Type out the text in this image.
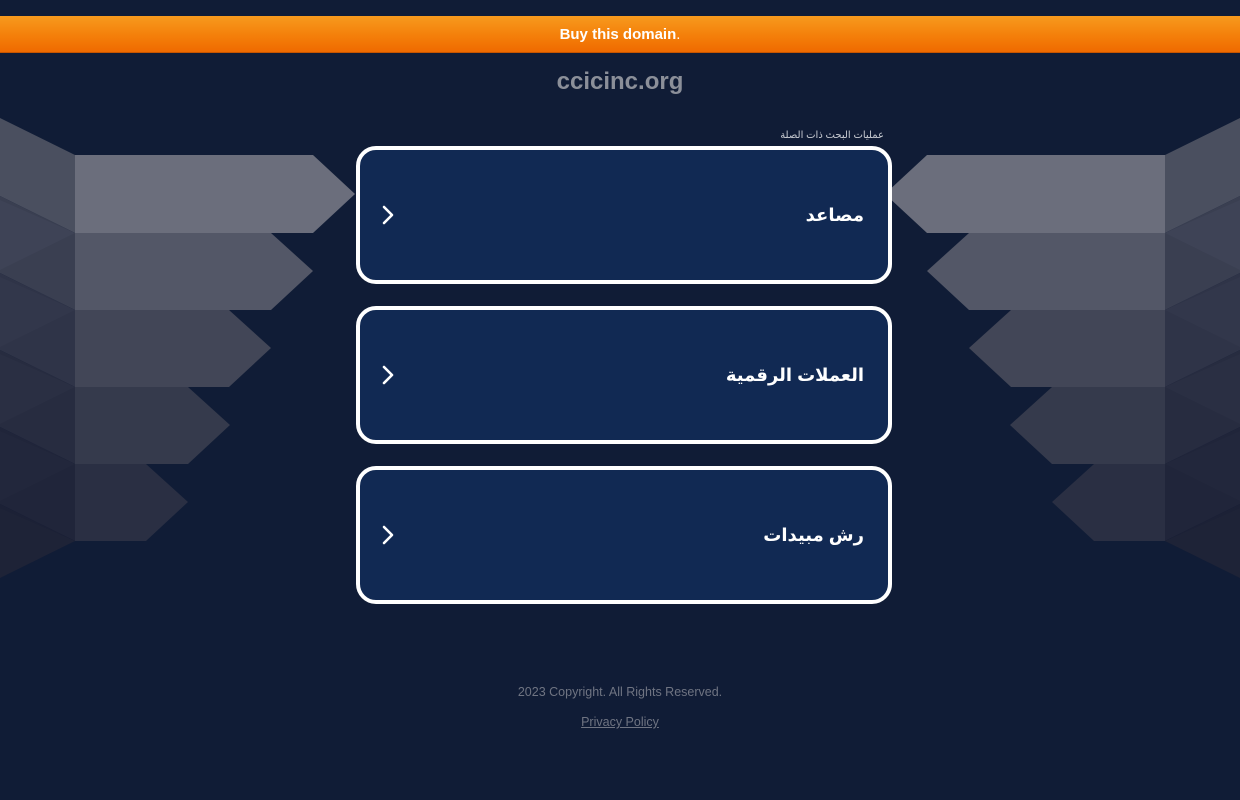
Buy this domain .
ccicinc.org
عمليات البحث ذات الصلة
مصاعد
العملات الرقمية
رش مبيدات
2023 Copyright. All Rights Reserved.
Privacy Policy
